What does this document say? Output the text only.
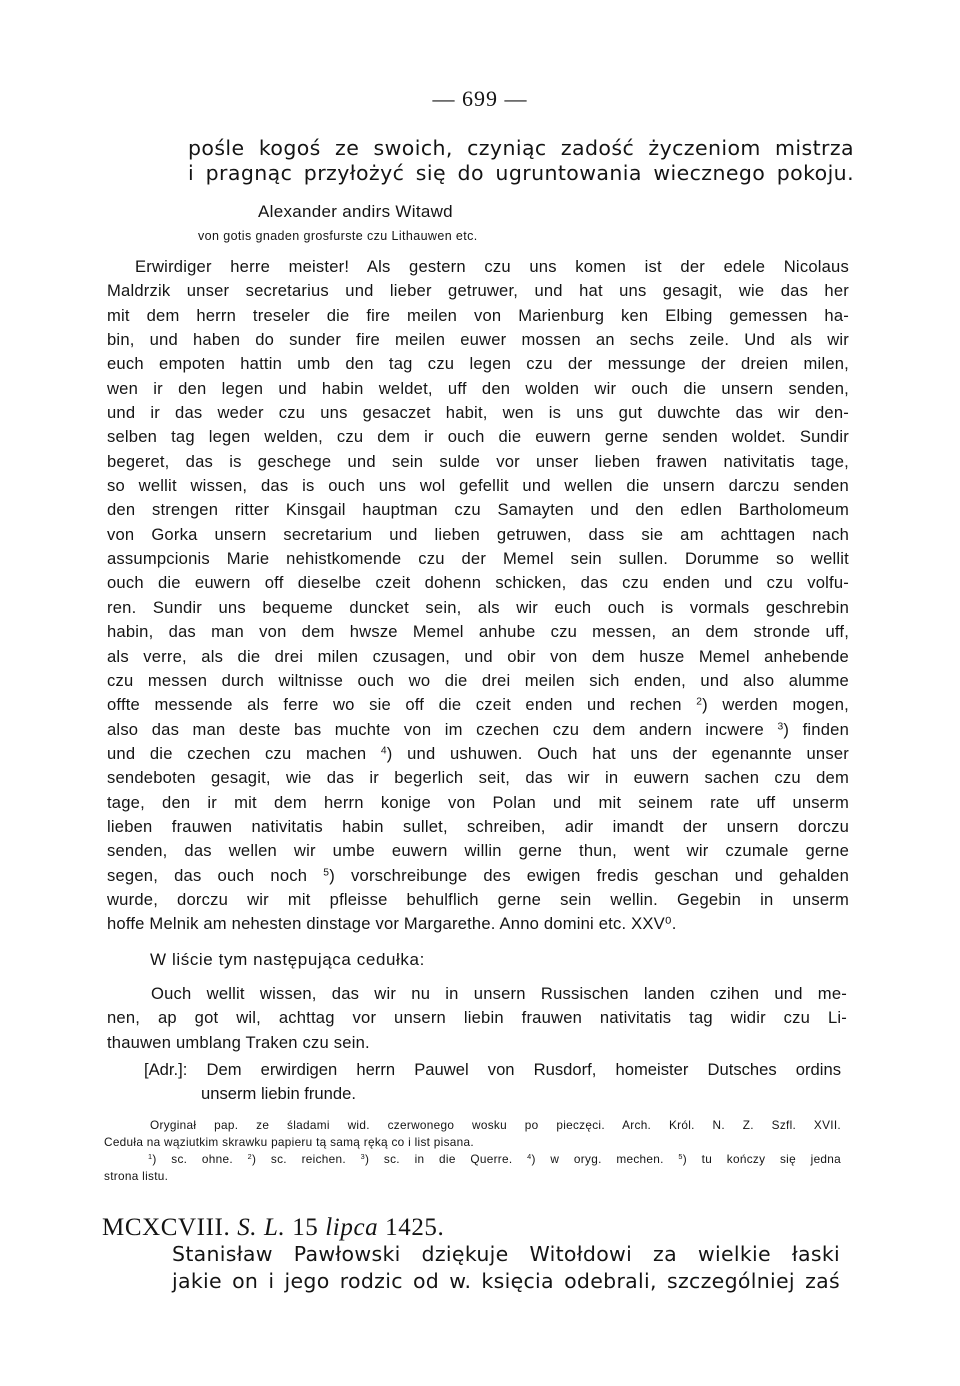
— 699 —
pośle kogoś ze swoich, czyniąc zadość życzeniom mistrza
i pragnąc przyłożyć się do ugruntowania wiecznego pokoju.
Alexander andirs Witawd
von gotis gnaden grosfurste czu Lithauwen etc.
Erwirdiger herre meister! Als gestern czu uns komen ist der edele Nicolaus
Maldrzik unser secretarius und lieber getruwer, und hat uns gesagit, wie das her
mit dem herrn treseler die fire meilen von Marienburg ken Elbing gemessen ha-
bin, und haben do sunder fire meilen euwer mossen an sechs zeile. Und als wir
euch empoten hattin umb den tag czu legen czu der messunge der dreien milen,
wen ir den legen und habin weldet, uff den wolden wir ouch die unsern senden,
und ir das weder czu uns gesaczet habit, wen is uns gut duwchte das wir den-
selben tag legen welden, czu dem ir ouch die euwern gerne senden woldet. Sundir
begeret, das is geschege und sein sulde vor unser lieben frawen nativitatis tage,
so wellit wissen, das is ouch uns wol gefellit und wellen die unsern darczu senden
den strengen ritter Kinsgail hauptman czu Samayten und den edlen Bartholomeum
von Gorka unsern secretarium und lieben getruwen, dass sie am achttagen nach
assumpcionis Marie nehistkomende czu der Memel sein sullen. Dorumme so wellit
ouch die euwern off dieselbe czeit dohenn schicken, das czu enden und czu volfu-
ren. Sundir uns bequeme duncket sein, als wir euch ouch is vormals geschrebin
habin, das man von dem hwsze Memel anhube czu messen, an dem stronde uff,
als verre, als die drei milen czusagen, und obir von dem husze Memel anhebende
czu messen durch wiltnisse ouch wo die drei meilen sich enden, und also alumme
offte messende als ferre wo sie off die czeit enden und rechen $^2$) werden mogen,
also das man deste bas muchte von im czechen czu dem andern incwere $^3$) finden
und die czechen czu machen $^4$) und ushuwen. Ouch hat uns der egenannte unser
sendeboten gesagit, wie das ir begerlich seit, das wir in euwern sachen czu dem
tage, den ir mit dem herrn konige von Polan und mit seinem rate uff unserm
lieben frauwen nativitatis habin sullet, schreiben, adir imandt der unsern dorczu
senden, das wellen wir umbe euwern willin gerne thun, went wir czumale gerne
segen, das ouch noch $^5$) vorschreibunge des ewigen fredis geschan und gehalden
wurde, dorczu wir mit pfleisse behulflich gerne sein wellin. Gegebin in unserm
hoffe Melnik am nehesten dinstage vor Margarethe. Anno domini etc. XXV⁰.
W liście tym następująca cedułka:
Ouch wellit wissen, das wir nu in unsern Russischen landen czihen und me-
nen, ap got wil, achttag vor unsern liebin frauwen nativitatis tag widir czu Li-
thauwen umblang Traken czu sein.
[Adr.]: Dem erwirdigen herrn Pauwel von Rusdorf, homeister Dutsches ordins
unserm liebin frunde.
Oryginał pap. ze śladami wid. czerwonego wosku po pieczęci. Arch. Król. N. Z. Szfl. XVII.
Cedułа na wąziutkim skrawku papieru tą samą ręką co i list pisana.
$^1$) sc. ohne. $^2$) sc. reichen. $^3$) sc. in die Querre. $^4$) w oryg. mechen. $^5$) tu kończy się jedna
strona listu.
MCXCVIII. S. L. 15 lipca 1425.
Stanisław Pawłowski dziękuje Witołdowi za wielkie łaski
jakie on i jego rodzic od w. księcia odebrali, szczególniej zaś
